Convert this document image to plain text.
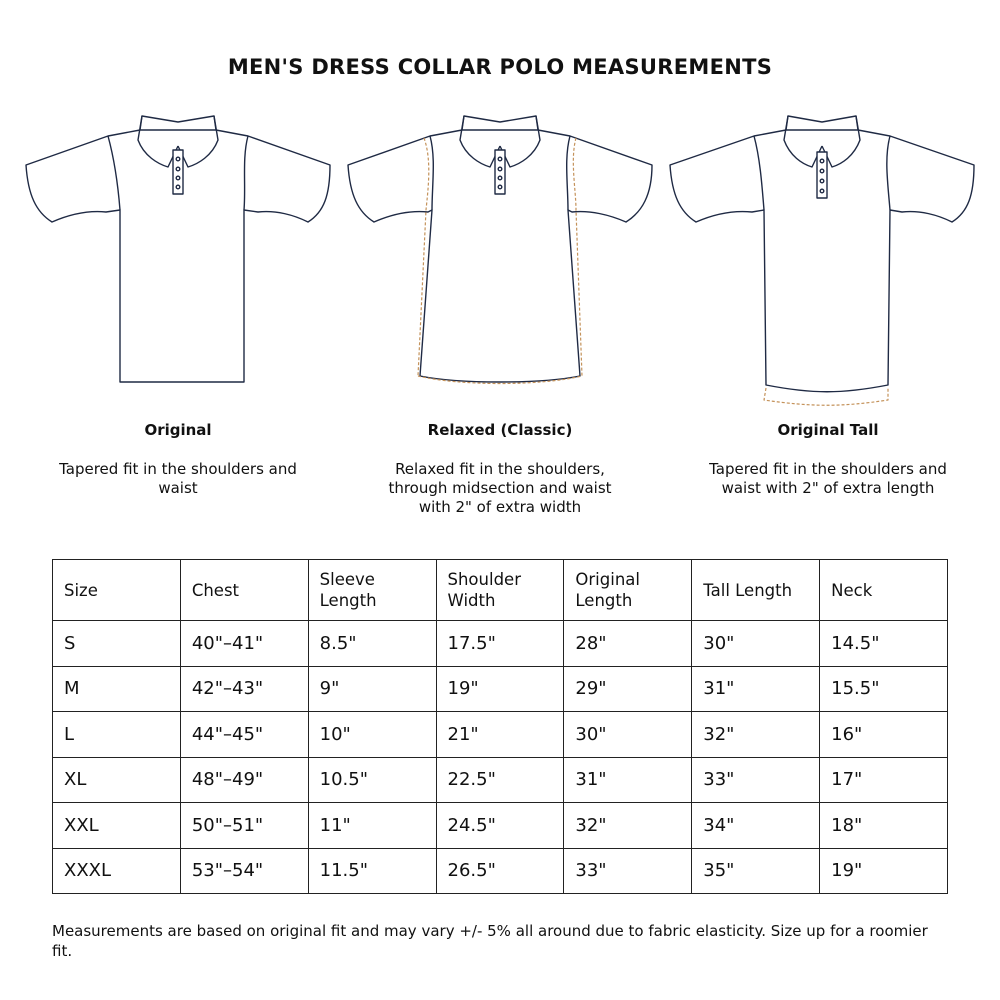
MEN'S DRESS COLLAR POLO MEASUREMENTS
Original
Tapered fit in the shoulders and waist
Relaxed (Classic)
Relaxed fit in the shoulders, through midsection and waist with 2" of extra width
Original Tall
Tapered fit in the shoulders and waist with 2" of extra length
Size	Chest	Sleeve Length	Shoulder Width	Original Length	Tall Length	Neck
S	40"–41"	8.5"	17.5"	28"	30"	14.5"
M	42"–43"	9"	19"	29"	31"	15.5"
L	44"–45"	10"	21"	30"	32"	16"
XL	48"–49"	10.5"	22.5"	31"	33"	17"
XXL	50"–51"	11"	24.5"	32"	34"	18"
XXXL	53"–54"	11.5"	26.5"	33"	35"	19"
Measurements are based on original fit and may vary +/- 5% all around due to fabric elasticity. Size up for a roomier fit.
